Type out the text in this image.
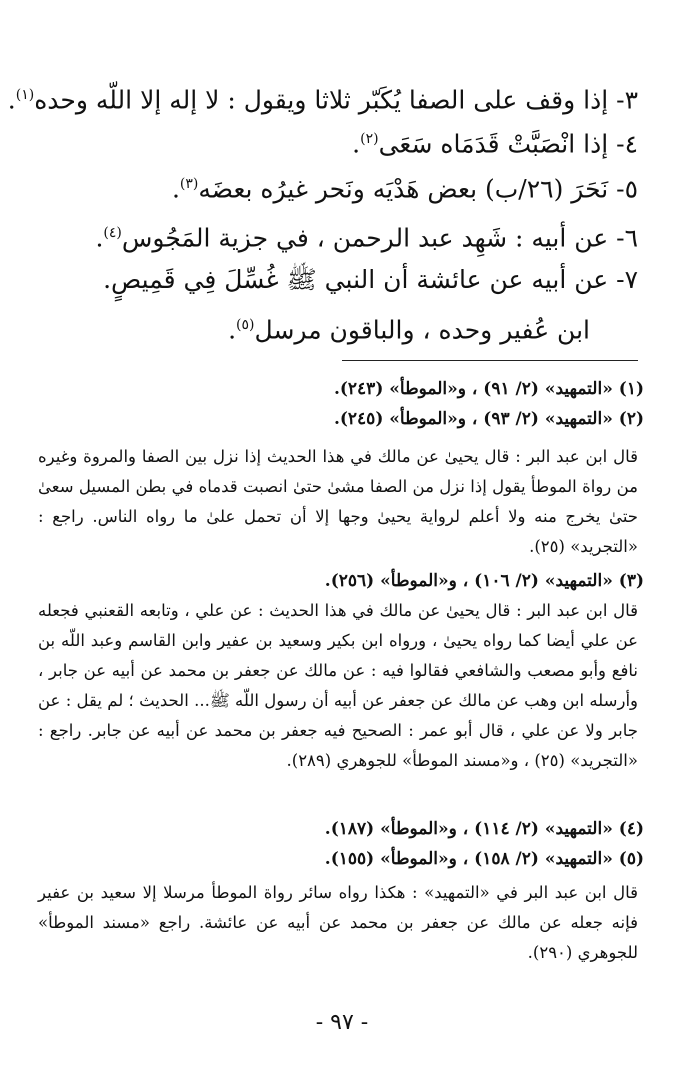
٣- إذا وقف على الصفا يُكَبّر ثلاثا ويقول : لا إله إلا اللّه وحده$^{(١)}$.
٤- إذا انْصَبَّتْ قَدَمَاه سَعَى$^{(٢)}$.
٥- نَحَرَ (٢٦/ب) بعض هَدْيَه ونَحر غيرُه بعضَه$^{(٣)}$.
٦- عن أبيه : شَهِد عبد الرحمن ، في جزية المَجُوس$^{(٤)}$.
٧- عن أبيه عن عائشة أن النبي ﷺ غُسِّلَ فِي قَمِيصٍ.
ابن عُفير وحده ، والباقون مرسل$^{(٥)}$.
(١) «التمهيد» (٢/ ٩١) ، و«الموطأ» (٢٤٣).
(٢) «التمهيد» (٢/ ٩٣) ، و«الموطأ» (٢٤٥).
قال ابن عبد البر : قال يحيىٰ عن مالك في هذا الحديث إذا نزل بين الصفا والمروة وغيره من رواة الموطأ يقول إذا نزل من الصفا مشىٰ حتىٰ انصبت قدماه في بطن المسيل سعىٰ حتىٰ يخرج منه ولا أعلم لرواية يحيىٰ وجها إلا أن تحمل علىٰ ما رواه الناس. راجع : «التجريد» (٢٥).
(٣) «التمهيد» (٢/ ١٠٦) ، و«الموطأ» (٢٥٦).
قال ابن عبد البر : قال يحيىٰ عن مالك في هذا الحديث : عن علي ، وتابعه القعنبي فجعله عن علي أيضا كما رواه يحيىٰ ، ورواه ابن بكير وسعيد بن عفير وابن القاسم وعبد اللّه بن نافع وأبو مصعب والشافعي فقالوا فيه : عن مالك عن جعفر بن محمد عن أبيه عن جابر ، وأرسله ابن وهب عن مالك عن جعفر عن أبيه أن رسول اللّه ﷺ... الحديث ؛ لم يقل : عن جابر ولا عن علي ، قال أبو عمر : الصحيح فيه جعفر بن محمد عن أبيه عن جابر. راجع : «التجريد» (٢٥) ، و«مسند الموطأ» للجوهري (٢٨٩).
(٤) «التمهيد» (٢/ ١١٤) ، و«الموطأ» (١٨٧).
(٥) «التمهيد» (٢/ ١٥٨) ، و«الموطأ» (١٥٥).
قال ابن عبد البر في «التمهيد» : هكذا رواه سائر رواة الموطأ مرسلا إلا سعيد بن عفير فإنه جعله عن مالك عن جعفر بن محمد عن أبيه عن عائشة. راجع «مسند الموطأ» للجوهري (٢٩٠).
- ٩٧ -
